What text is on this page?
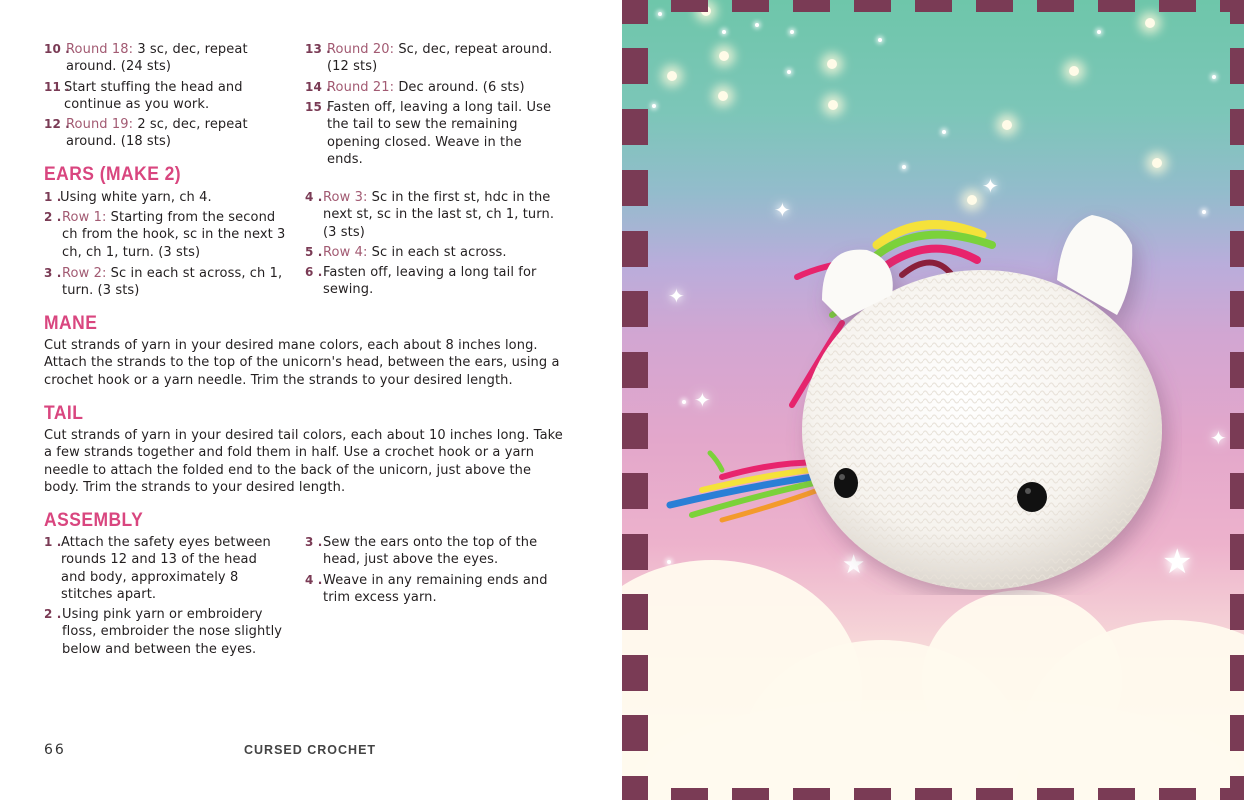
10 .
Round 18: 3 sc, dec, repeat around. (24 sts)
11 .
Start stuffing the head and continue as you work.
12 .
Round 19: 2 sc, dec, repeat around. (18 sts)
13 .
Round 20: Sc, dec, repeat around. (12 sts)
14 .
Round 21: Dec around. (6 sts)
15 .
Fasten off, leaving a long tail. Use the tail to sew the remaining opening closed. Weave in the ends.
EARS (MAKE 2)
1 .
Using white yarn, ch 4.
2 . Row 1: Starting from the second ch from the hook, sc in the next 3 ch, ch 1, turn. (3 sts)
3 . Row 2: Sc in each st across, ch 1, turn. (3 sts)
4 . Row 3: Sc in the first st, hdc in the next st, sc in the last st, ch 1, turn. (3 sts)
5 . Row 4: Sc in each st across.
6 . Fasten off, leaving a long tail for sewing.
MANE
Cut strands of yarn in your desired mane colors, each about 8 inches long. Attach the strands to the top of the unicorn's head, between the ears, using a crochet hook or a yarn needle. Trim the strands to your desired length.
TAIL
Cut strands of yarn in your desired tail colors, each about 10 inches long. Take a few strands together and fold them in half. Use a crochet hook or a yarn needle to attach the folded end to the back of the unicorn, just above the body. Trim the strands to your desired length.
ASSEMBLY
1 . Attach the safety eyes between rounds 12 and 13 of the head and body, approximately 8 stitches apart.
2 . Using pink yarn or embroidery floss, embroider the nose slightly below and between the eyes.
3 . Sew the ears onto the top of the head, just above the eyes.
4 . Weave in any remaining ends and trim excess yarn.
66	CURSED CROCHET
✦
✦
✦
✦
✦
★
★
